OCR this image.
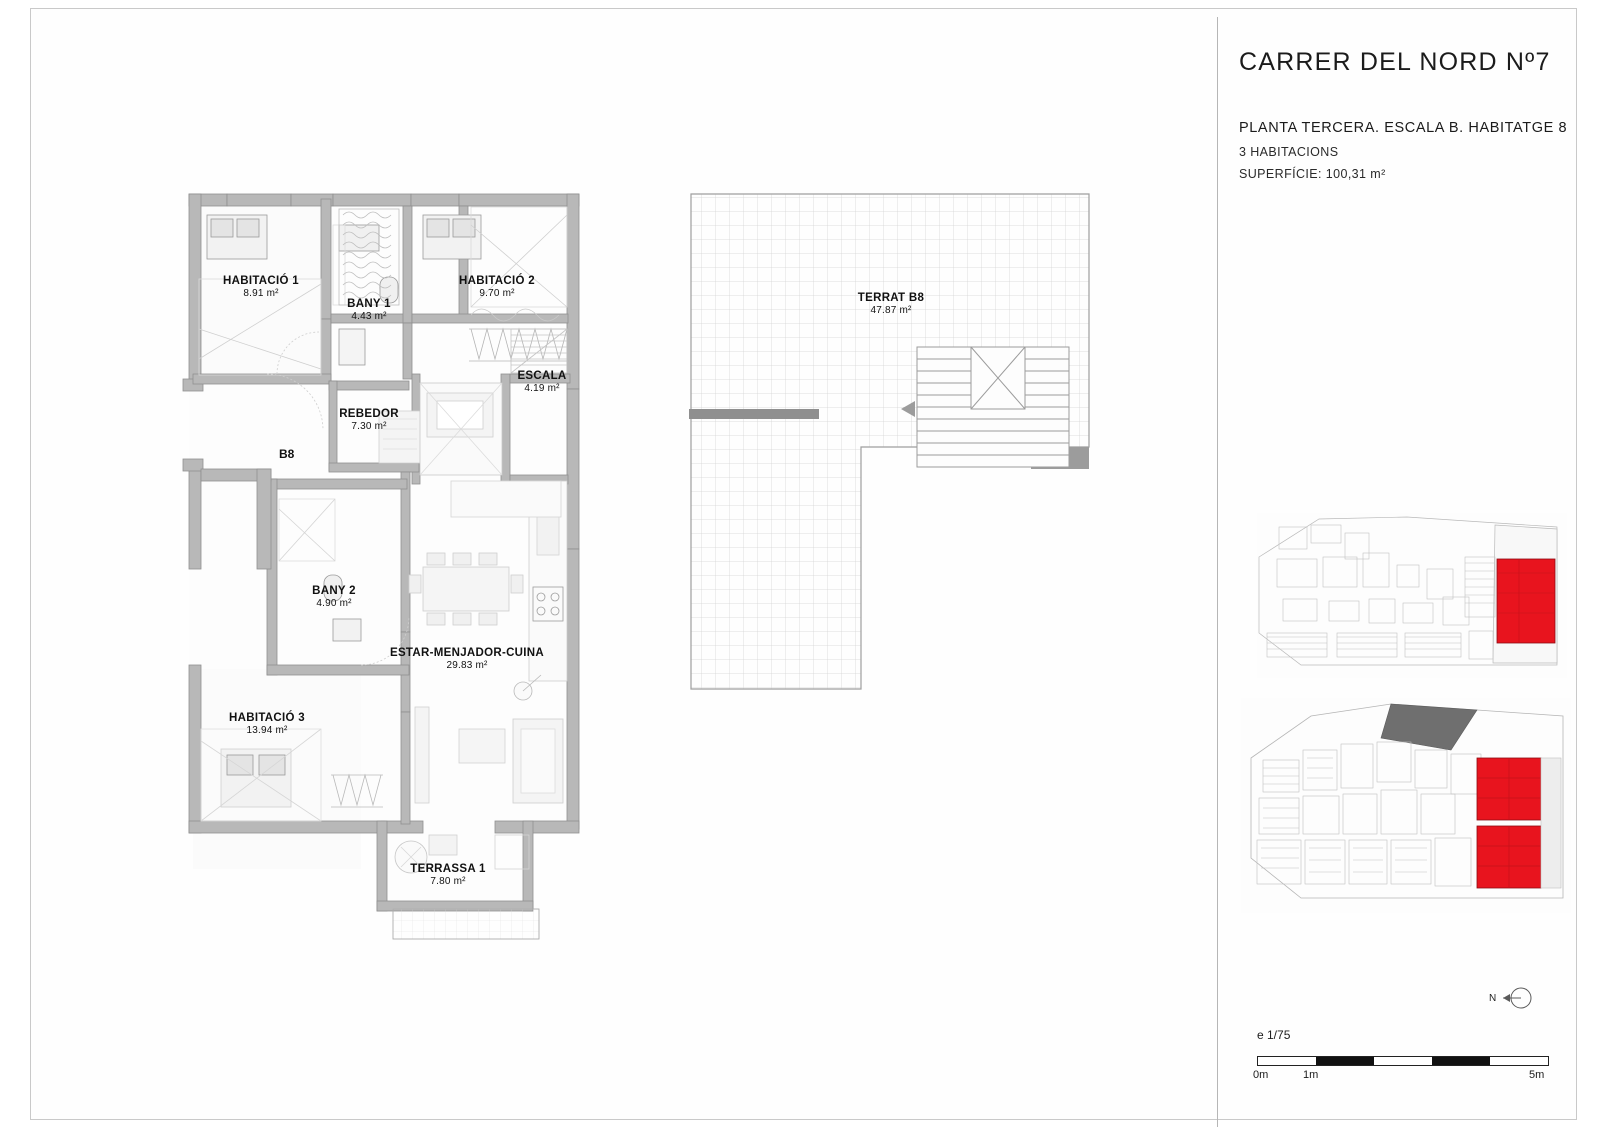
HABITACIÓ 1
8.91 m²
BANY 1
4.43 m²
HABITACIÓ 2
9.70 m²
REBEDOR
7.30 m²
ESCALA
4.19 m²
BANY 2
4.90 m²
ESTAR-MENJADOR-CUINA
29.83 m²
HABITACIÓ 3
13.94 m²
TERRASSA 1
7.80 m²
TERRAT B8
47.87 m²
B8
CARRER DEL NORD Nº7
PLANTA TERCERA. ESCALA B. HABITATGE 8
3 HABITACIONS
SUPERFÍCIE: 100,31 m²
N
e 1/75
0m	1m	5m
